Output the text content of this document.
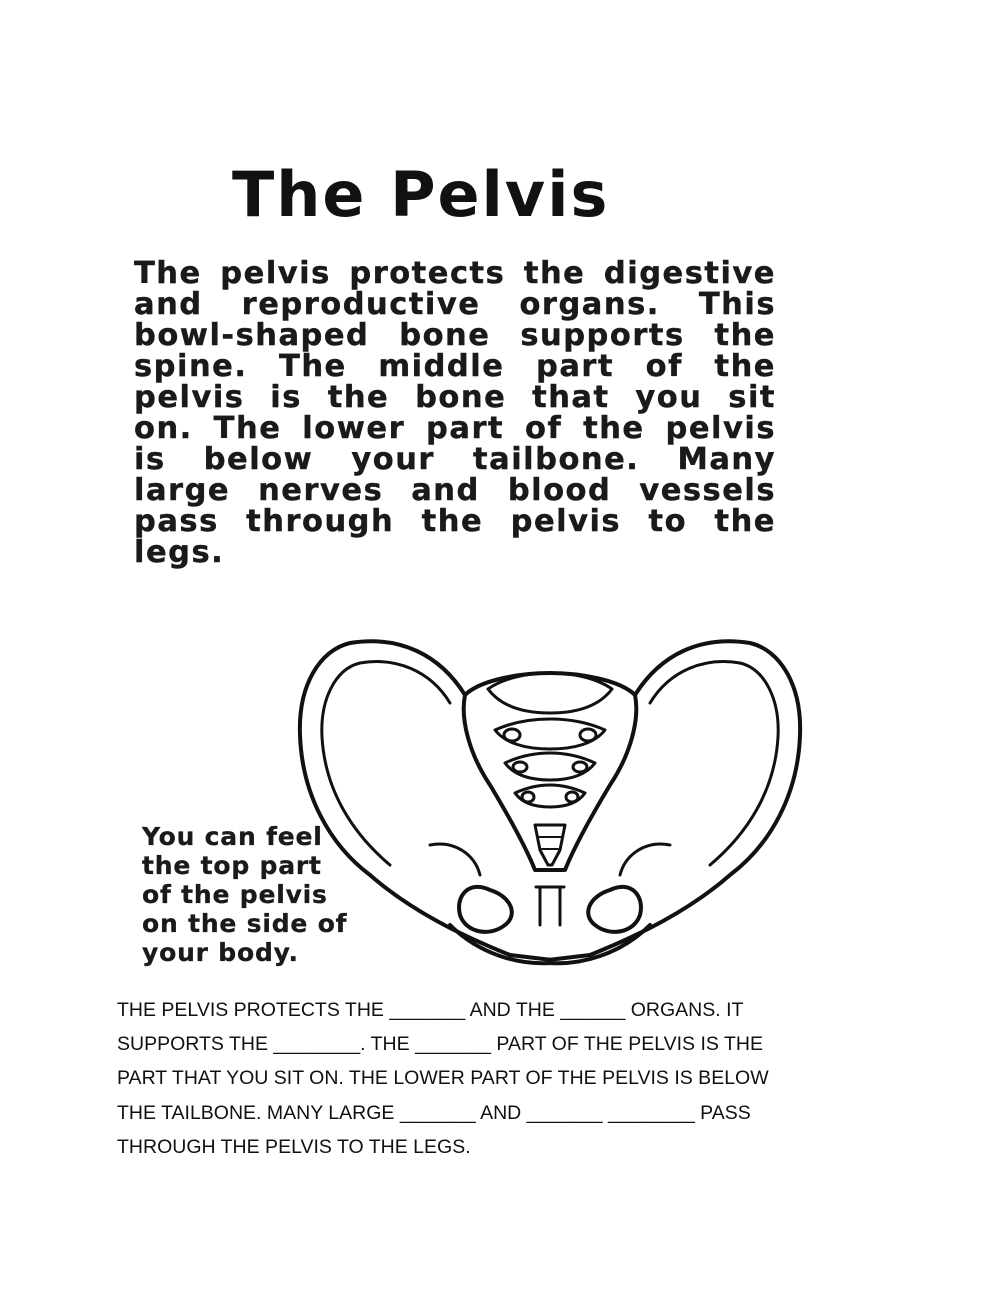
The Pelvis

The pelvis protects the digestive and reproductive organs. This bowl-shaped bone supports the spine. The middle part of the pelvis is the bone that you sit on. The lower part of the pelvis is below your tailbone. Many large nerves and blood vessels pass through the pelvis to the legs.

You can feel
the top part
of the pelvis
on the side of
your body.
THE PELVIS PROTECTS THE _______ AND THE ______ ORGANS. IT
SUPPORTS THE ________. THE _______ PART OF THE PELVIS IS THE
PART THAT YOU SIT ON. THE LOWER PART OF THE PELVIS IS BELOW
THE TAILBONE. MANY LARGE _______ AND _______ ________ PASS
THROUGH THE PELVIS TO THE LEGS.
